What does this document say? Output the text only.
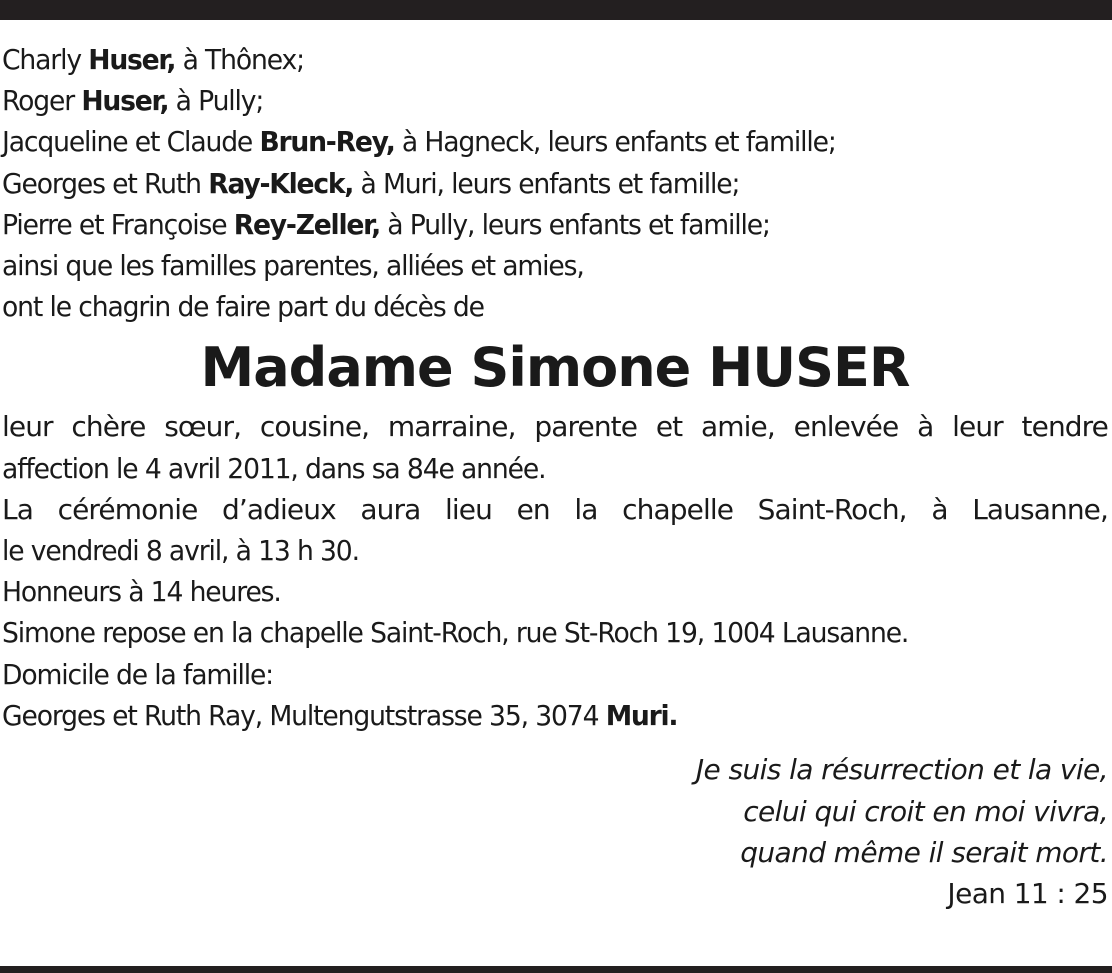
Charly Huser, à Thônex;
Roger Huser, à Pully;
Jacqueline et Claude Brun-Rey, à Hagneck, leurs enfants et famille;
Georges et Ruth Ray-Kleck, à Muri, leurs enfants et famille;
Pierre et Françoise Rey-Zeller, à Pully, leurs enfants et famille;
ainsi que les familles parentes, alliées et amies,
ont le chagrin de faire part du décès de
Madame Simone HUSER
leur chère sœur, cousine, marraine, parente et amie, enlevée à leur tendre
affection le 4 avril 2011, dans sa 84e année.
La cérémonie d’adieux aura lieu en la chapelle Saint-Roch, à Lausanne,
le vendredi 8 avril, à 13 h 30.
Honneurs à 14 heures.
Simone repose en la chapelle Saint-Roch, rue St-Roch 19, 1004 Lausanne.
Domicile de la famille:
Georges et Ruth Ray, Multengutstrasse 35, 3074 Muri.
Je suis la résurrection et la vie,
celui qui croit en moi vivra,
quand même il serait mort.
Jean 11 : 25
